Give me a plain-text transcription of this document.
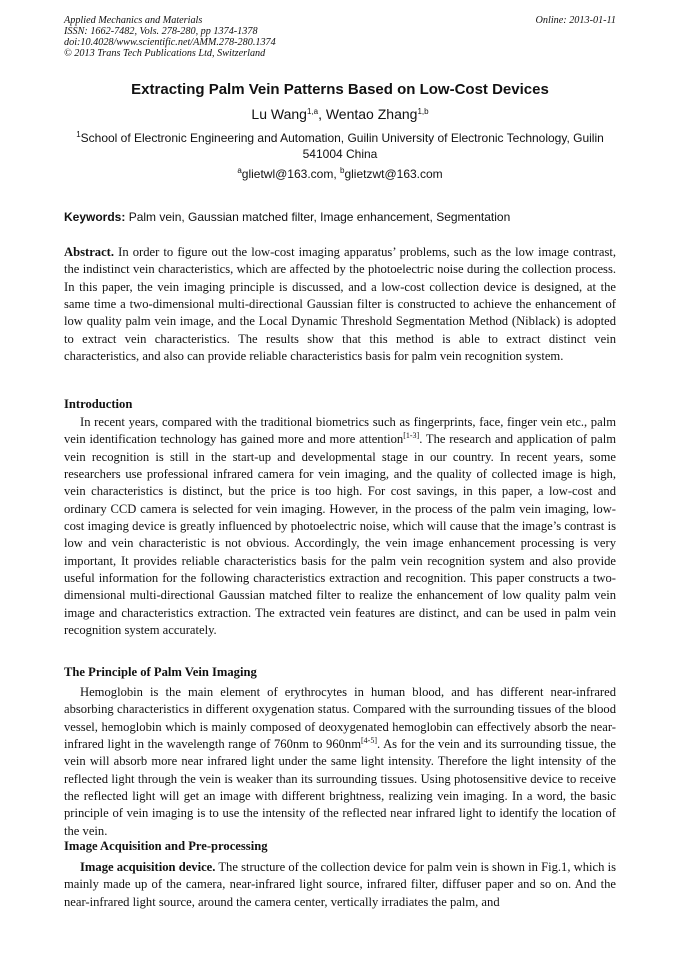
Applied Mechanics and Materials
ISSN: 1662-7482, Vols. 278-280, pp 1374-1378
doi:10.4028/www.scientific.net/AMM.278-280.1374
© 2013 Trans Tech Publications Ltd, Switzerland
Online: 2013-01-11
Extracting Palm Vein Patterns Based on Low-Cost Devices
Lu Wang$^{1,a}$, Wentao Zhang$^{1,b}$
$^1$School of Electronic Engineering and Automation, Guilin University of Electronic Technology, Guilin 541004 China
$^a$glietwl@163.com, $^b$glietzwt@163.com
Keywords: Palm vein, Gaussian matched filter, Image enhancement, Segmentation

Abstract. In order to figure out the low-cost imaging apparatus’ problems, such as the low image contrast, the indistinct vein characteristics, which are affected by the photoelectric noise during the collection process. In this paper, the vein imaging principle is discussed, and a low-cost collection device is designed, at the same time a two-dimensional multi-directional Gaussian filter is constructed to achieve the enhancement of low quality palm vein image, and the Local Dynamic Threshold Segmentation Method (Niblack) is adopted to extract vein characteristics. The results show that this method is able to extract distinct vein characteristics, and also can provide reliable characteristics basis for palm vein recognition system.

Introduction

In recent years, compared with the traditional biometrics such as fingerprints, face, finger vein etc., palm vein identification technology has gained more and more attention[1-3]. The research and application of palm vein recognition is still in the start-up and developmental stage in our country. In recent years, some researchers use professional infrared camera for vein imaging, and the quality of collected image is high, vein characteristics is distinct, but the price is too high. For cost savings, in this paper, a low-cost and ordinary CCD camera is selected for vein imaging. However, in the process of the palm vein imaging, low-cost imaging device is greatly influenced by photoelectric noise, which will cause that the image’s contrast is low and vein characteristic is not obvious. Accordingly, the vein image enhancement processing is very important, It provides reliable characteristics basis for the palm vein recognition system and also provide useful information for the following characteristics extraction and recognition. This paper constructs a two-dimensional multi-directional Gaussian matched filter to realize the enhancement of low quality palm vein image and characteristics extraction. The extracted vein features are distinct, and can be used in palm vein recognition system accurately.

The Principle of Palm Vein Imaging

Hemoglobin is the main element of erythrocytes in human blood, and has different near-infrared absorbing characteristics in different oxygenation status. Compared with the surrounding tissues of the blood vessel, hemoglobin which is mainly composed of deoxygenated hemoglobin can effectively absorb the near-infrared light in the wavelength range of 760nm to 960nm[4-5]. As for the vein and its surrounding tissue, the vein will absorb more near infrared light under the same light intensity. Therefore the light intensity of the reflected light through the vein is weaker than its surrounding tissues. Using photosensitive device to receive the reflected light will get an image with different brightness, realizing vein imaging. In a word, the basic principle of vein imaging is to use the intensity of the reflected near infrared light to identify the location of the vein.

Image Acquisition and Pre-processing

Image acquisition device. The structure of the collection device for palm vein is shown in Fig.1, which is mainly made up of the camera, near-infrared light source, infrared filter, diffuser paper and so on. And the near-infrared light source, around the camera center, vertically irradiates the palm, and
